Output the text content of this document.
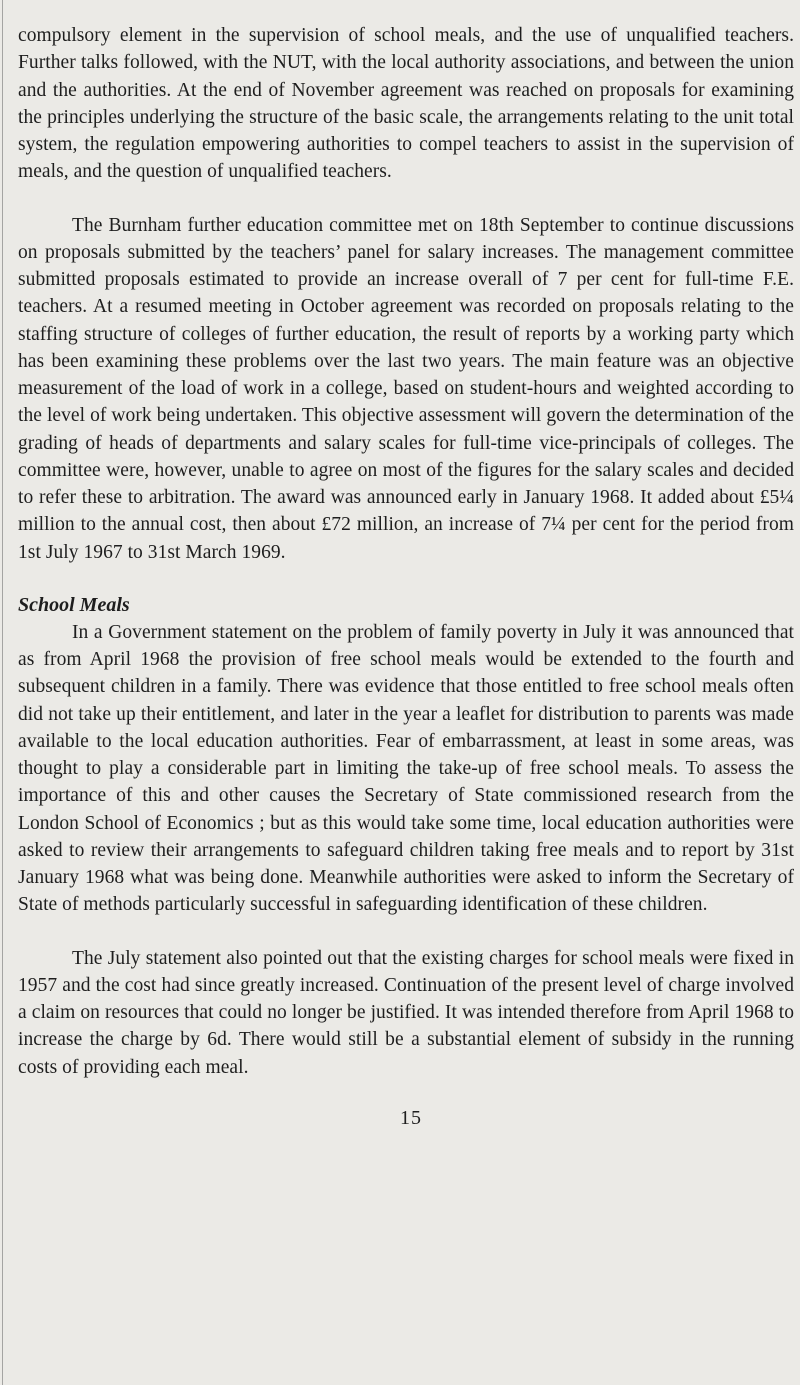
compulsory element in the supervision of school meals, and the use of unqualified teachers. Further talks followed, with the NUT, with the local authority associations, and between the union and the authorities. At the end of November agreement was reached on proposals for examining the principles underlying the structure of the basic scale, the arrangements relating to the unit total system, the regulation empowering authorities to compel teachers to assist in the supervision of meals, and the question of unqualified teachers.

The Burnham further education committee met on 18th September to continue discussions on proposals submitted by the teachers’ panel for salary increases. The management committee submitted proposals estimated to provide an increase overall of 7 per cent for full-time F.E. teachers. At a resumed meeting in October agreement was recorded on proposals relating to the staffing structure of colleges of further education, the result of reports by a working party which has been examining these problems over the last two years. The main feature was an objective measurement of the load of work in a college, based on student-hours and weighted according to the level of work being undertaken. This objective assessment will govern the determination of the grading of heads of departments and salary scales for full-time vice-principals of colleges. The committee were, however, unable to agree on most of the figures for the salary scales and decided to refer these to arbitration. The award was announced early in January 1968. It added about £5¼ million to the annual cost, then about £72 million, an increase of 7¼ per cent for the period from 1st July 1967 to 31st March 1969.

School Meals

In a Government statement on the problem of family poverty in July it was announced that as from April 1968 the provision of free school meals would be extended to the fourth and subsequent children in a family. There was evidence that those entitled to free school meals often did not take up their entitlement, and later in the year a leaflet for distribution to parents was made available to the local education authorities. Fear of embarrassment, at least in some areas, was thought to play a considerable part in limiting the take-up of free school meals. To assess the importance of this and other causes the Secretary of State commissioned research from the London School of Economics ; but as this would take some time, local education authorities were asked to review their arrangements to safeguard children taking free meals and to report by 31st January 1968 what was being done. Meanwhile authorities were asked to inform the Secretary of State of methods particularly successful in safeguarding identification of these children.

The July statement also pointed out that the existing charges for school meals were fixed in 1957 and the cost had since greatly increased. Continuation of the present level of charge involved a claim on resources that could no longer be justified. It was intended therefore from April 1968 to increase the charge by 6d. There would still be a substantial element of subsidy in the running costs of providing each meal.

15
